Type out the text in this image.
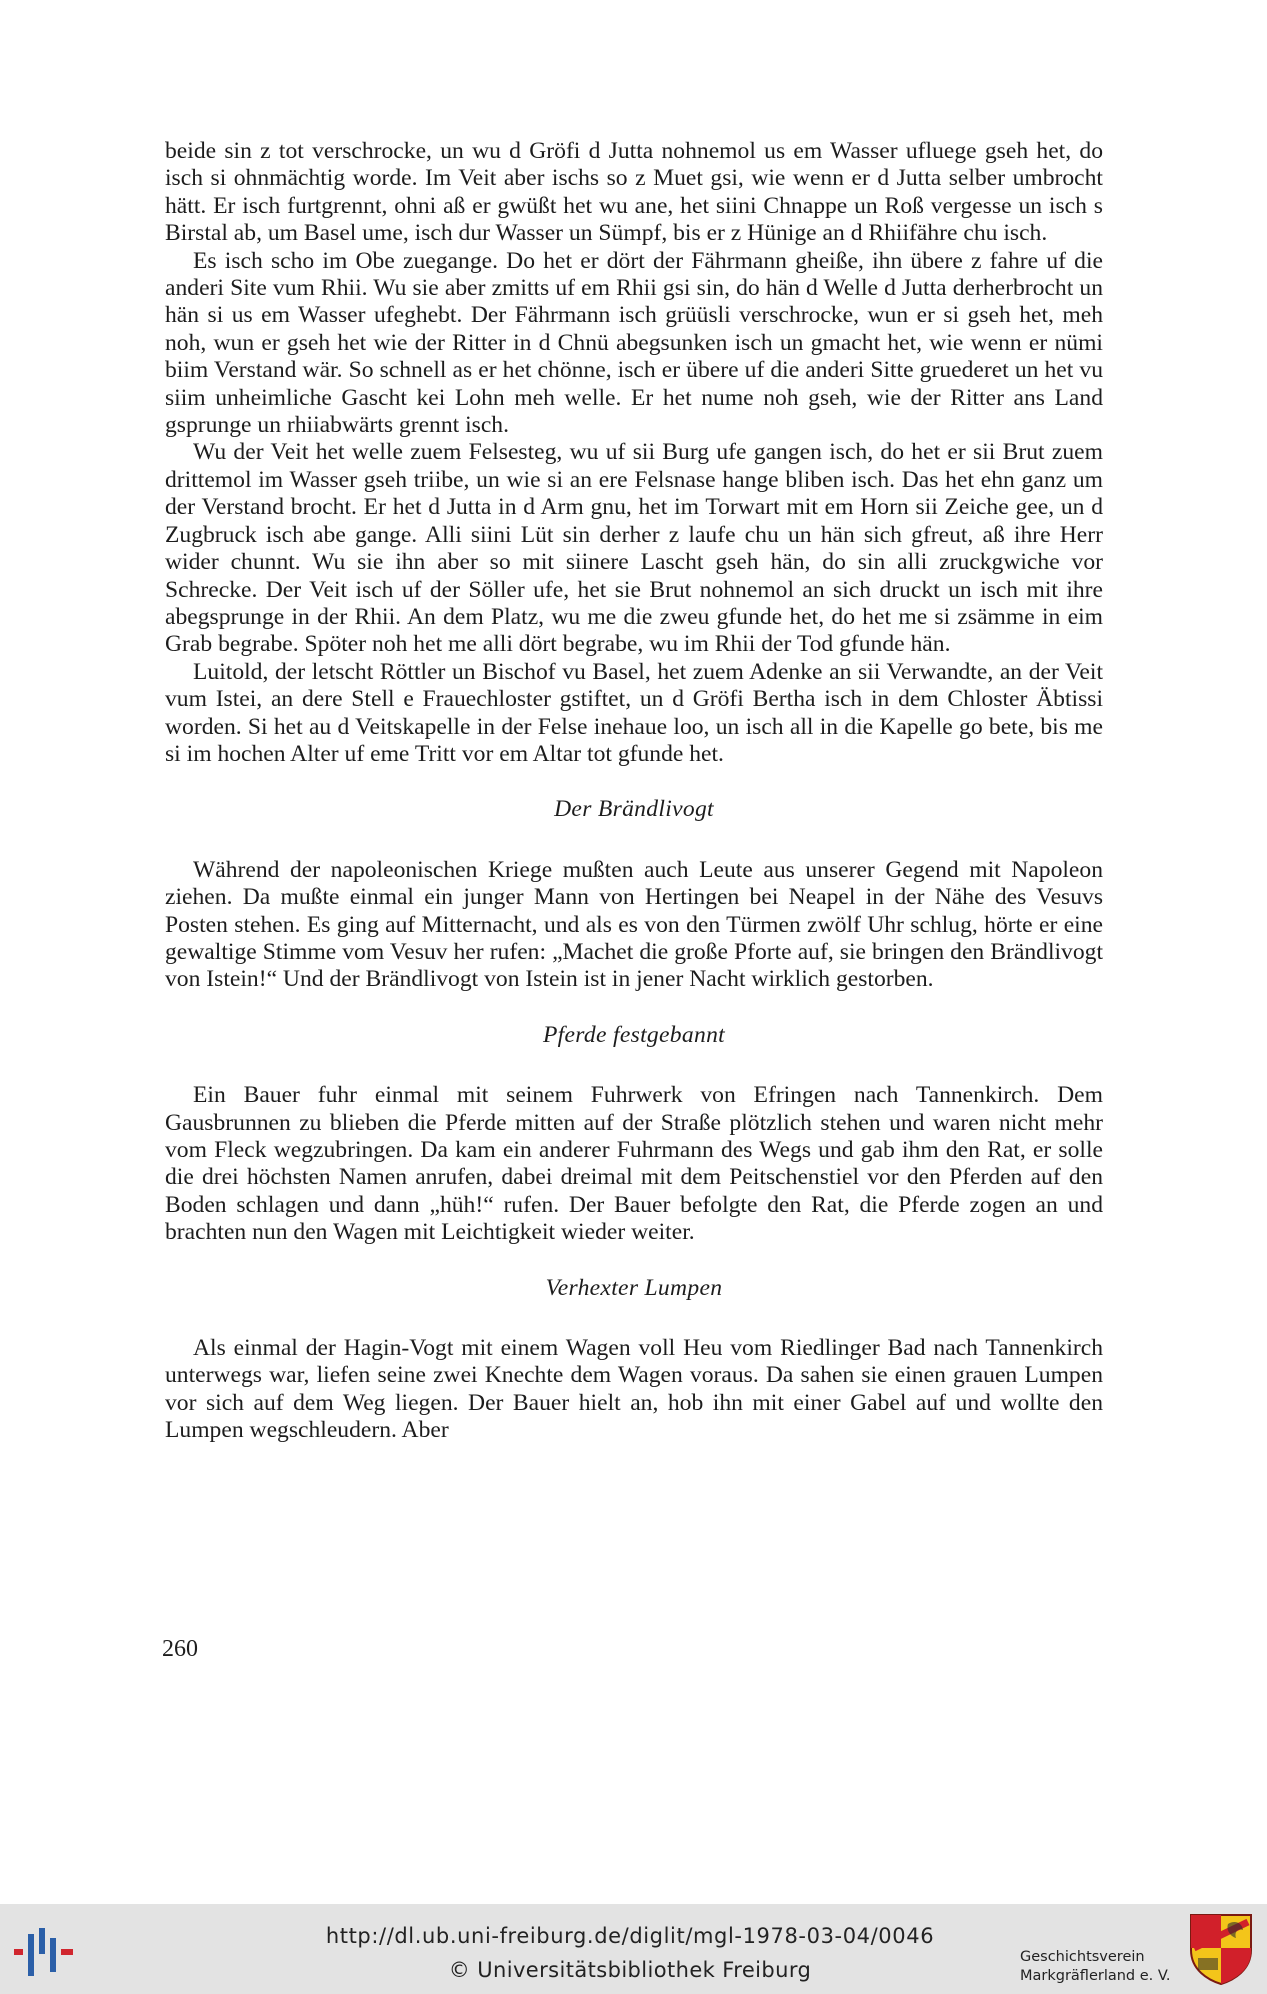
beide sin z tot verschrocke, un wu d Gröfi d Jutta nohnemol us em Wasser ufluege gseh het, do isch si ohnmächtig worde. Im Veit aber ischs so z Muet gsi, wie wenn er d Jutta selber umbrocht hätt. Er isch furtgrennt, ohni aß er gwüßt het wu ane, het siini Chnappe un Roß vergesse un isch s Birstal ab, um Basel ume, isch dur Wasser un Sümpf, bis er z Hünige an d Rhiifähre chu isch.

Es isch scho im Obe zuegange. Do het er dört der Fährmann gheiße, ihn übere z fahre uf die anderi Site vum Rhii. Wu sie aber zmitts uf em Rhii gsi sin, do hän d Welle d Jutta derherbrocht un hän si us em Wasser ufeghebt. Der Fährmann isch grüüsli verschrocke, wun er si gseh het, meh noh, wun er gseh het wie der Ritter in d Chnü abegsunken isch un gmacht het, wie wenn er nümi biim Verstand wär. So schnell as er het chönne, isch er übere uf die anderi Sitte gruederet un het vu siim unheimliche Gascht kei Lohn meh welle. Er het nume noh gseh, wie der Ritter ans Land gsprunge un rhiiabwärts grennt isch.

Wu der Veit het welle zuem Felsesteg, wu uf sii Burg ufe gangen isch, do het er sii Brut zuem drittemol im Wasser gseh triibe, un wie si an ere Felsnase hange bliben isch. Das het ehn ganz um der Verstand brocht. Er het d Jutta in d Arm gnu, het im Torwart mit em Horn sii Zeiche gee, un d Zugbruck isch abe gange. Alli siini Lüt sin derher z laufe chu un hän sich gfreut, aß ihre Herr wider chunnt. Wu sie ihn aber so mit siinere Lascht gseh hän, do sin alli zruckgwiche vor Schrecke. Der Veit isch uf der Söller ufe, het sie Brut nohnemol an sich druckt un isch mit ihre abegsprunge in der Rhii. An dem Platz, wu me die zweu gfunde het, do het me si zsämme in eim Grab begrabe. Spöter noh het me alli dört begrabe, wu im Rhii der Tod gfunde hän.

Luitold, der letscht Röttler un Bischof vu Basel, het zuem Adenke an sii Verwandte, an der Veit vum Istei, an dere Stell e Frauechloster gstiftet, un d Gröfi Bertha isch in dem Chloster Äbtissi worden. Si het au d Veitskapelle in der Felse inehaue loo, un isch all in die Kapelle go bete, bis me si im hochen Alter uf eme Tritt vor em Altar tot gfunde het.

Der Brändlivogt

Während der napoleonischen Kriege mußten auch Leute aus unserer Gegend mit Napoleon ziehen. Da mußte einmal ein junger Mann von Hertingen bei Neapel in der Nähe des Vesuvs Posten stehen. Es ging auf Mitternacht, und als es von den Türmen zwölf Uhr schlug, hörte er eine gewaltige Stimme vom Vesuv her rufen: „Machet die große Pforte auf, sie bringen den Brändlivogt von Istein!“ Und der Brändlivogt von Istein ist in jener Nacht wirklich gestorben.

Pferde festgebannt

Ein Bauer fuhr einmal mit seinem Fuhrwerk von Efringen nach Tannenkirch. Dem Gausbrunnen zu blieben die Pferde mitten auf der Straße plötzlich stehen und waren nicht mehr vom Fleck wegzubringen. Da kam ein anderer Fuhrmann des Wegs und gab ihm den Rat, er solle die drei höchsten Namen anrufen, dabei dreimal mit dem Peitschenstiel vor den Pferden auf den Boden schlagen und dann „hüh!“ rufen. Der Bauer befolgte den Rat, die Pferde zogen an und brachten nun den Wagen mit Leichtigkeit wieder weiter.

Verhexter Lumpen

Als einmal der Hagin-Vogt mit einem Wagen voll Heu vom Riedlinger Bad nach Tannenkirch unterwegs war, liefen seine zwei Knechte dem Wagen voraus. Da sahen sie einen grauen Lumpen vor sich auf dem Weg liegen. Der Bauer hielt an, hob ihn mit einer Gabel auf und wollte den Lumpen wegschleudern. Aber

260
http://dl.ub.uni-freiburg.de/diglit/mgl-1978-03-04/0046
© Universitätsbibliothek Freiburg
Geschichtsverein
Markgräflerland e. V.
